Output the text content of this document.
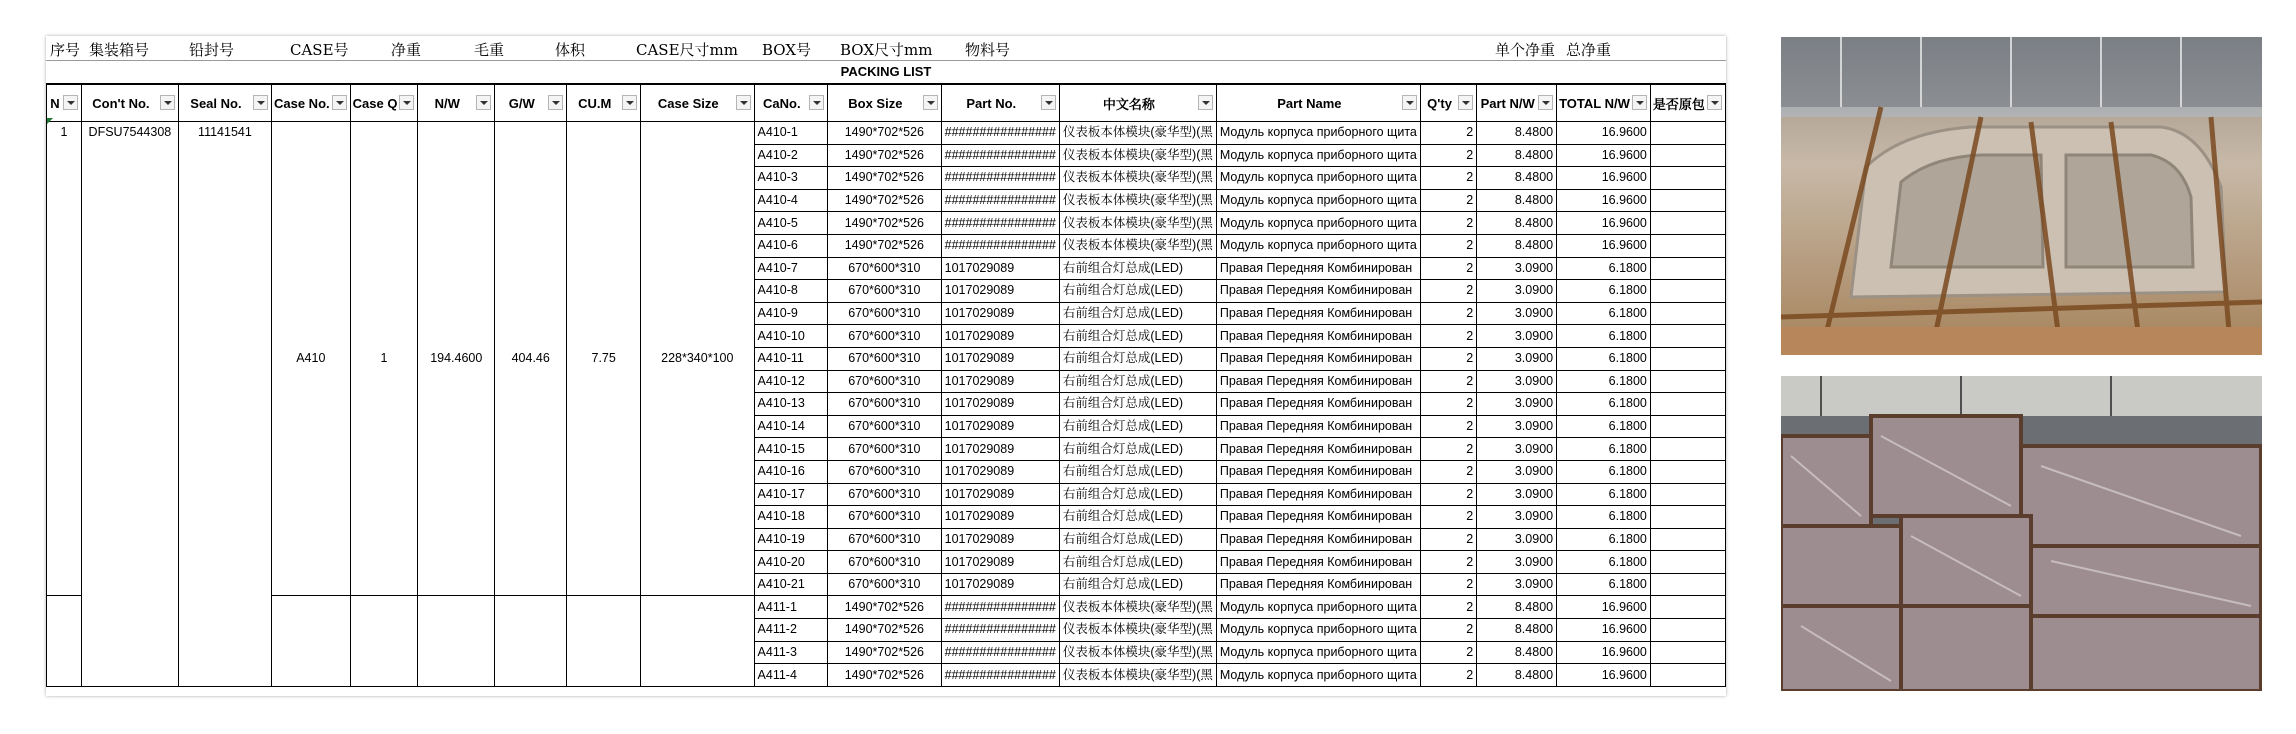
序号 集装箱号	铅封号	CASE号	净重	毛重	体积	CASE尺寸mm BOX号 BOX尺寸mm 物料号	单个净重 总净重
PACKING LIST
N	Con't No.	Seal No.	Case No.	Case Q	N/W	G/W	CU.M	Case Size	CaNo.	Box Size	Part No.	中文名称	Part Name	Q'ty	Part N/W	TOTAL N/W	是否原包

1	DFSU7544308	11141541	A410	1	194.4600	404.46	7.75	228*340*100	A410-1	1490*702*526	################	仪表板本体模块(豪华型)(黑	Модуль корпуса приборного щита	2	8.4800	16.9600	
									A410-2	1490*702*526	################	仪表板本体模块(豪华型)(黑	Модуль корпуса приборного щита	2	8.4800	16.9600	
									A410-3	1490*702*526	################	仪表板本体模块(豪华型)(黑	Модуль корпуса приборного щита	2	8.4800	16.9600	
									A410-4	1490*702*526	################	仪表板本体模块(豪华型)(黑	Модуль корпуса приборного щита	2	8.4800	16.9600	
									A410-5	1490*702*526	################	仪表板本体模块(豪华型)(黑	Модуль корпуса приборного щита	2	8.4800	16.9600	
									A410-6	1490*702*526	################	仪表板本体模块(豪华型)(黑	Модуль корпуса приборного щита	2	8.4800	16.9600	
									A410-7	670*600*310	1017029089	右前组合灯总成(LED)	Правая Передняя Комбинирован	2	3.0900	6.1800	
									A410-8	670*600*310	1017029089	右前组合灯总成(LED)	Правая Передняя Комбинирован	2	3.0900	6.1800	
									A410-9	670*600*310	1017029089	右前组合灯总成(LED)	Правая Передняя Комбинирован	2	3.0900	6.1800	
									A410-10	670*600*310	1017029089	右前组合灯总成(LED)	Правая Передняя Комбинирован	2	3.0900	6.1800	
									A410-11	670*600*310	1017029089	右前组合灯总成(LED)	Правая Передняя Комбинирован	2	3.0900	6.1800	
									A410-12	670*600*310	1017029089	右前组合灯总成(LED)	Правая Передняя Комбинирован	2	3.0900	6.1800	
									A410-13	670*600*310	1017029089	右前组合灯总成(LED)	Правая Передняя Комбинирован	2	3.0900	6.1800	
									A410-14	670*600*310	1017029089	右前组合灯总成(LED)	Правая Передняя Комбинирован	2	3.0900	6.1800	
									A410-15	670*600*310	1017029089	右前组合灯总成(LED)	Правая Передняя Комбинирован	2	3.0900	6.1800	
									A410-16	670*600*310	1017029089	右前组合灯总成(LED)	Правая Передняя Комбинирован	2	3.0900	6.1800	
									A410-17	670*600*310	1017029089	右前组合灯总成(LED)	Правая Передняя Комбинирован	2	3.0900	6.1800	
									A410-18	670*600*310	1017029089	右前组合灯总成(LED)	Правая Передняя Комбинирован	2	3.0900	6.1800	
									A410-19	670*600*310	1017029089	右前组合灯总成(LED)	Правая Передняя Комбинирован	2	3.0900	6.1800	
									A410-20	670*600*310	1017029089	右前组合灯总成(LED)	Правая Передняя Комбинирован	2	3.0900	6.1800	
									A410-21	670*600*310	1017029089	右前组合灯总成(LED)	Правая Передняя Комбинирован	2	3.0900	6.1800	
									A411-1	1490*702*526	################	仪表板本体模块(豪华型)(黑	Модуль корпуса приборного щита	2	8.4800	16.9600	
									A411-2	1490*702*526	################	仪表板本体模块(豪华型)(黑	Модуль корпуса приборного щита	2	8.4800	16.9600	
									A411-3	1490*702*526	################	仪表板本体模块(豪华型)(黑	Модуль корпуса приборного щита	2	8.4800	16.9600	
									A411-4	1490*702*526	################	仪表板本体模块(豪华型)(黑	Модуль корпуса приборного щита	2	8.4800	16.9600	
